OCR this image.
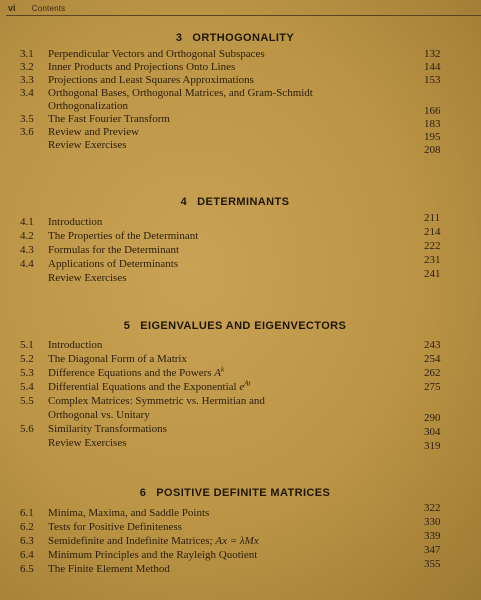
vi Contents
3 ORTHOGONALITY
3.1	Perpendicular Vectors and Orthogonal Subspaces	132
3.2	Inner Products and Projections Onto Lines	144
3.3	Projections and Least Squares Approximations	153
3.4	Orthogonal Bases, Orthogonal Matrices, and Gram-Schmidt
Orthogonalization	166
3.5	The Fast Fourier Transform	183
3.6	Review and Preview	195
Review Exercises	208
4 DETERMINANTS
4.1	Introduction	211
4.2	The Properties of the Determinant	214
4.3	Formulas for the Determinant	222
4.4	Applications of Determinants	231
Review Exercises	241
5 EIGENVALUES AND EIGENVECTORS
5.1	Introduction	243
5.2	The Diagonal Form of a Matrix	254
5.3	Difference Equations and the Powers $A^k$	262
5.4	Differential Equations and the Exponential $e^{At}$	275
5.5	Complex Matrices: Symmetric vs. Hermitian and
Orthogonal vs. Unitary	290
5.6	Similarity Transformations	304
Review Exercises	319
6 POSITIVE DEFINITE MATRICES
6.1	Minima, Maxima, and Saddle Points	322
6.2	Tests for Positive Definiteness	330
6.3	Semidefinite and Indefinite Matrices; Ax = λMx	339
6.4	Minimum Principles and the Rayleigh Quotient	347
6.5	The Finite Element Method	355
